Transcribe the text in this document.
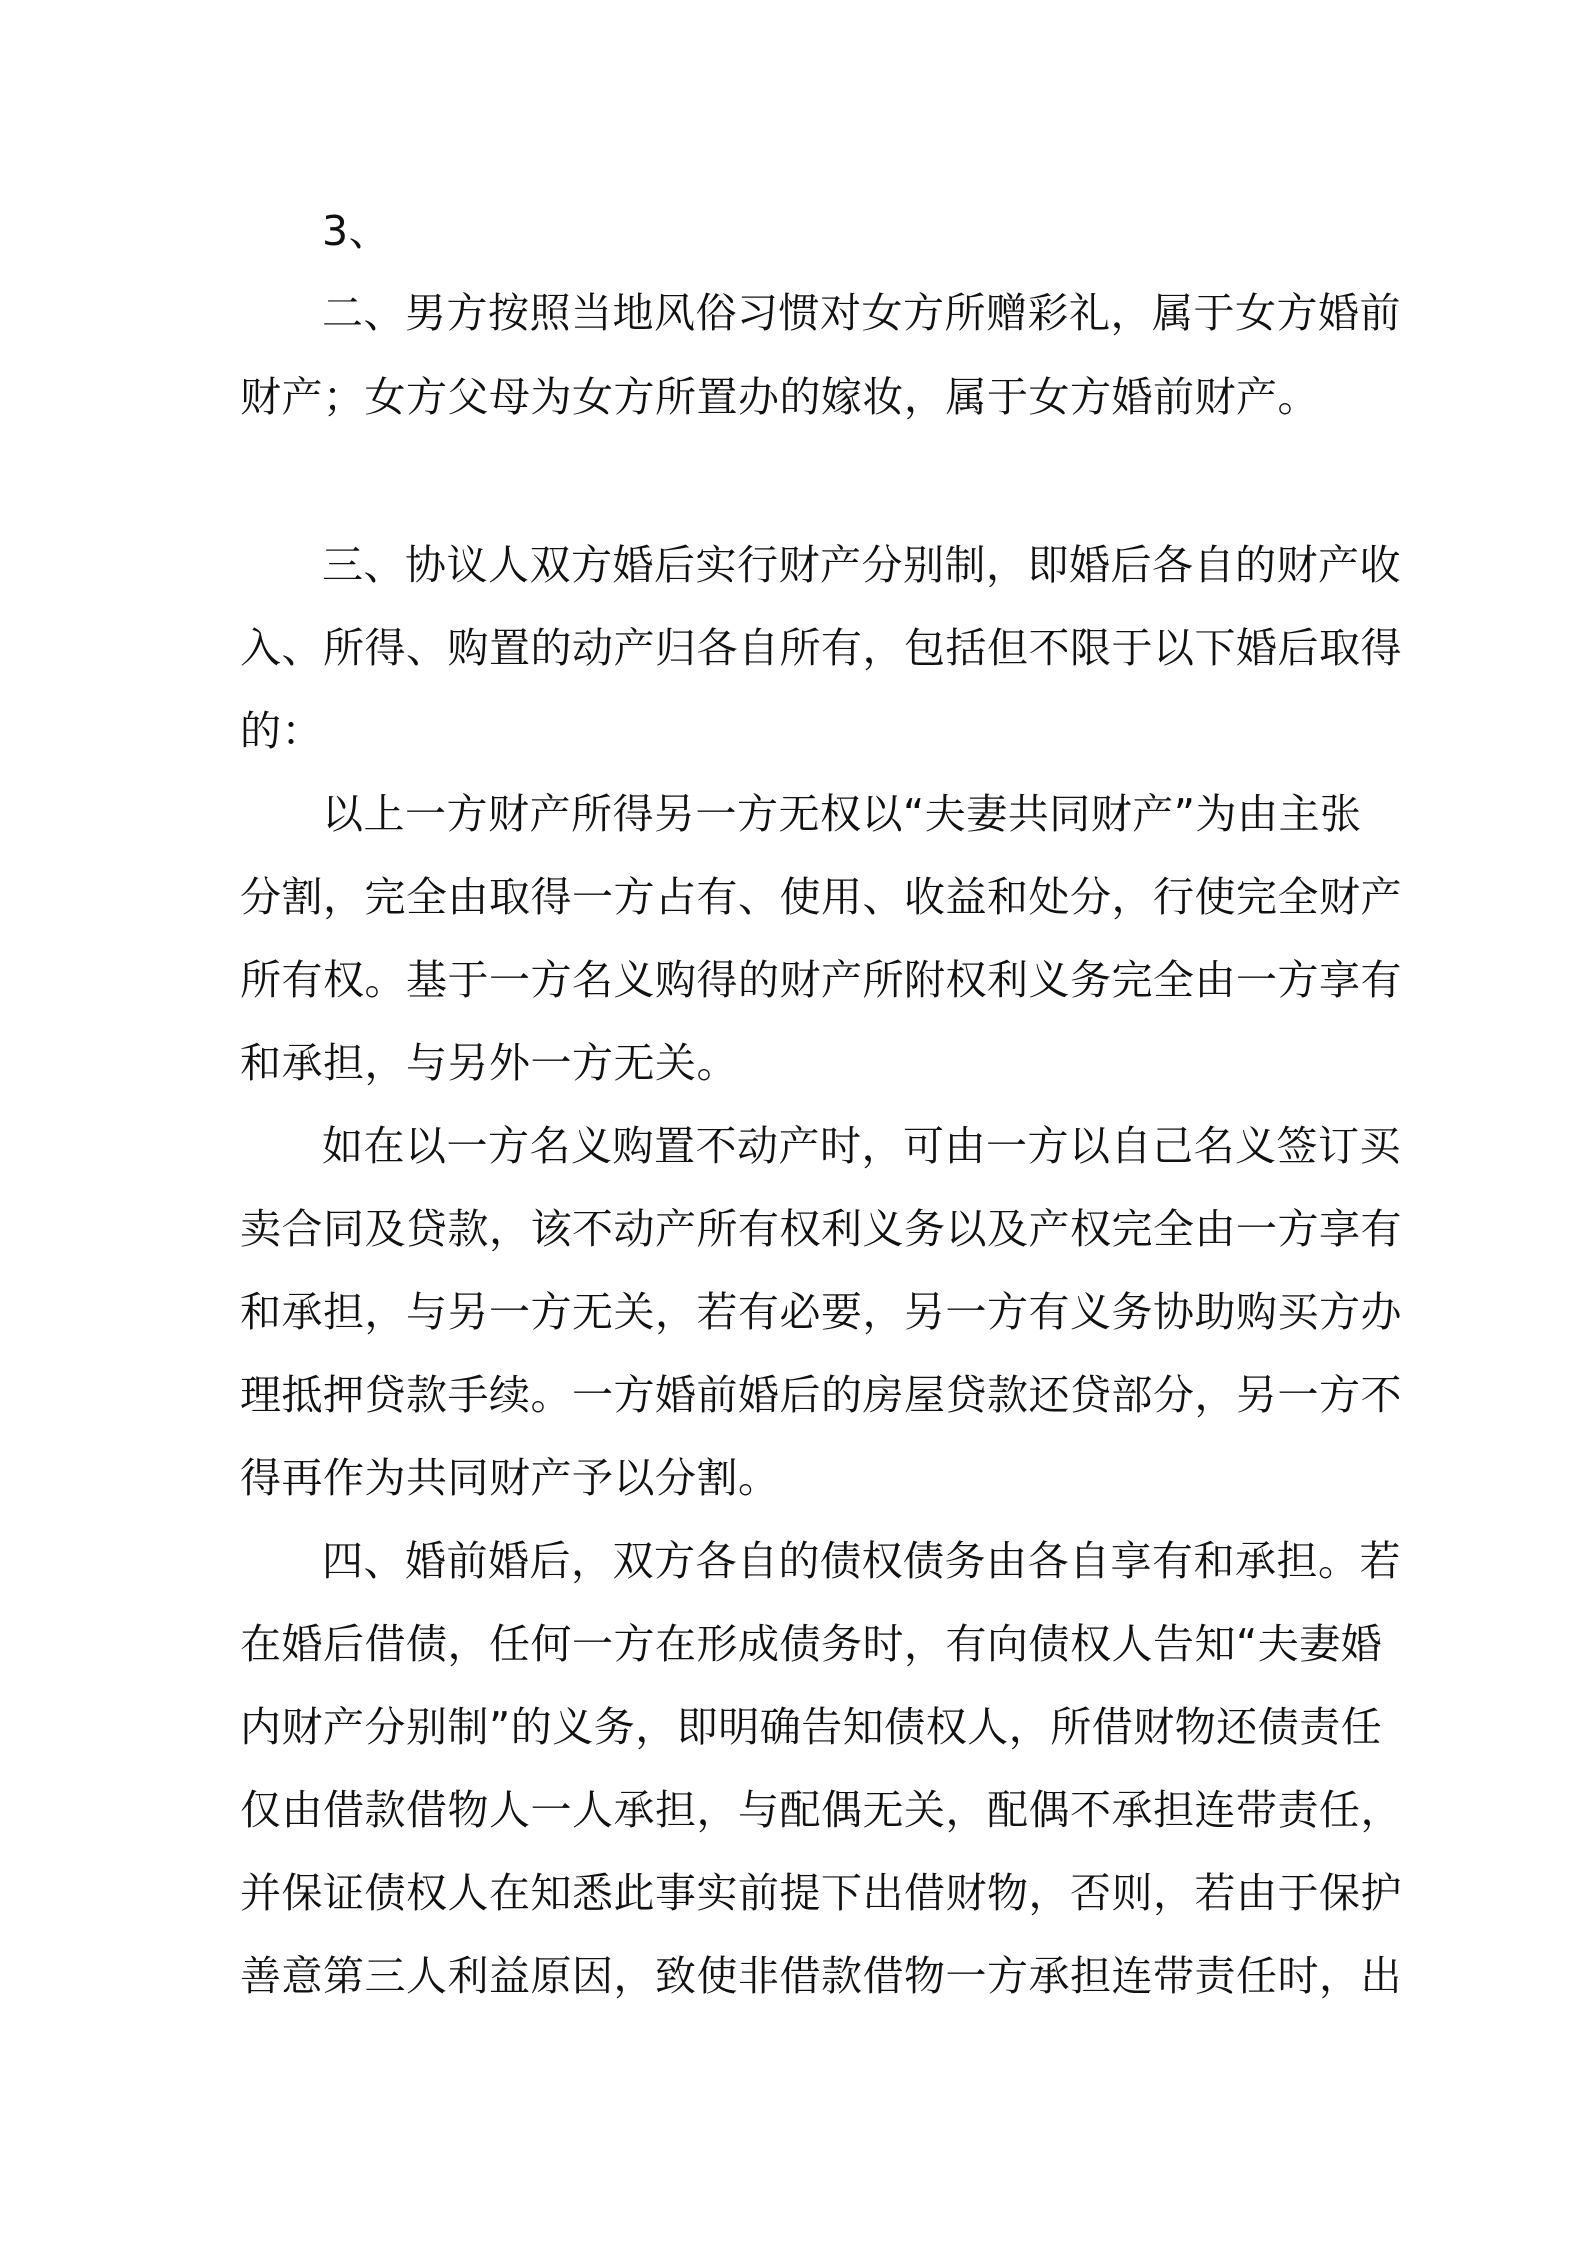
3、
二、男方按照当地风俗习惯对女方所赠彩礼，属于女方婚前
财产；女方父母为女方所置办的嫁妆，属于女方婚前财产。
三、协议人双方婚后实行财产分别制，即婚后各自的财产收
入、所得、购置的动产归各自所有，包括但不限于以下婚后取得
的：
以上一方财产所得另一方无权以“夫妻共同财产”为由主张
分割，完全由取得一方占有、使用、收益和处分，行使完全财产
所有权。基于一方名义购得的财产所附权利义务完全由一方享有
和承担，与另外一方无关。
如在以一方名义购置不动产时，可由一方以自己名义签订买
卖合同及贷款，该不动产所有权利义务以及产权完全由一方享有
和承担，与另一方无关，若有必要，另一方有义务协助购买方办
理抵押贷款手续。一方婚前婚后的房屋贷款还贷部分，另一方不
得再作为共同财产予以分割。
四、婚前婚后，双方各自的债权债务由各自享有和承担。若
在婚后借债，任何一方在形成债务时，有向债权人告知“夫妻婚
内财产分别制”的义务，即明确告知债权人，所借财物还债责任
仅由借款借物人一人承担，与配偶无关，配偶不承担连带责任，
并保证债权人在知悉此事实前提下出借财物，否则，若由于保护
善意第三人利益原因，致使非借款借物一方承担连带责任时，出
